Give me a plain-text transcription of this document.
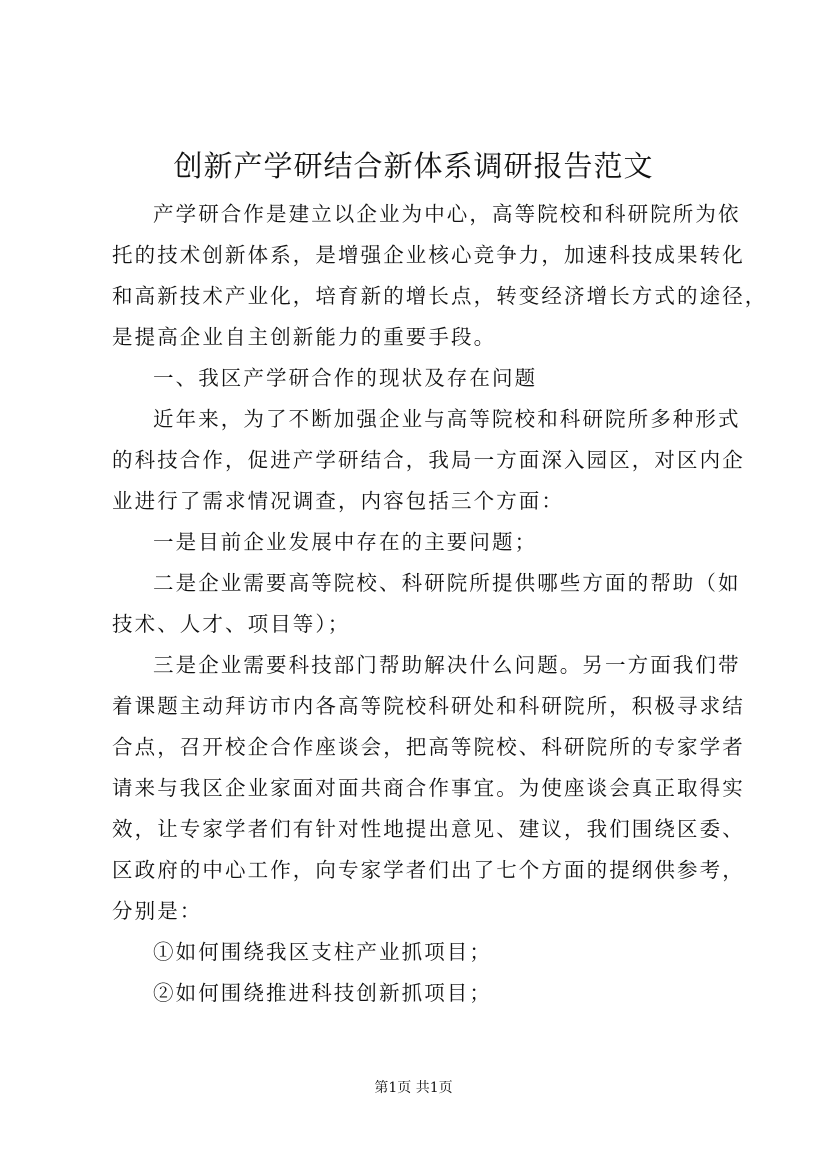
创新产学研结合新体系调研报告范文

产学研合作是建立以企业为中心，高等院校和科研院所为依

托的技术创新体系，是增强企业核心竞争力，加速科技成果转化

和高新技术产业化，培育新的增长点，转变经济增长方式的途径，

是提高企业自主创新能力的重要手段。

一、我区产学研合作的现状及存在问题

近年来，为了不断加强企业与高等院校和科研院所多种形式

的科技合作，促进产学研结合，我局一方面深入园区，对区内企

业进行了需求情况调查，内容包括三个方面：

一是目前企业发展中存在的主要问题；

二是企业需要高等院校、科研院所提供哪些方面的帮助（如

技术、人才、项目等）；

三是企业需要科技部门帮助解决什么问题。另一方面我们带

着课题主动拜访市内各高等院校科研处和科研院所，积极寻求结

合点，召开校企合作座谈会，把高等院校、科研院所的专家学者

请来与我区企业家面对面共商合作事宜。为使座谈会真正取得实

效，让专家学者们有针对性地提出意见、建议，我们围绕区委、

区政府的中心工作，向专家学者们出了七个方面的提纲供参考，

分别是：

①如何围绕我区支柱产业抓项目；

②如何围绕推进科技创新抓项目；

第1页 共1页
